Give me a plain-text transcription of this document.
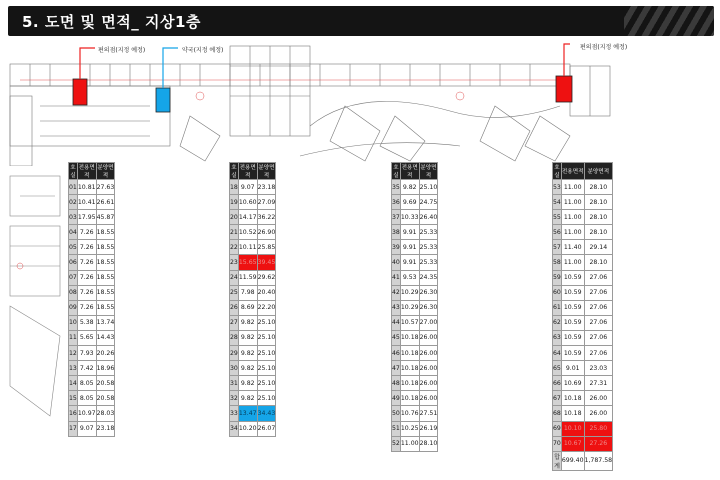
5. 도면 및 면적_ 지상1층
편의점(지정 예정)	약국(지정 예정)	편의점(지정 예정)
호실	전용면적	분양면적
01	10.81	27.63
02	10.41	26.61
03	17.95	45.87
04	7.26	18.55
05	7.26	18.55
06	7.26	18.55
07	7.26	18.55
08	7.26	18.55
09	7.26	18.55
10	5.38	13.74
11	5.65	14.43
12	7.93	20.26
13	7.42	18.96
14	8.05	20.58
15	8.05	20.58
16	10.97	28.03
17	9.07	23.18
호실	전용면적	분양면적
18	9.07	23.18
19	10.60	27.09
20	14.17	36.22
21	10.52	26.90
22	10.11	25.85
23	15.65	39.45
24	11.59	29.62
25	7.98	20.40
26	8.69	22.20
27	9.82	25.10
28	9.82	25.10
29	9.82	25.10
30	9.82	25.10
31	9.82	25.10
32	9.82	25.10
33	13.47	34.43
34	10.20	26.07
호실	전용면적	분양면적
35	9.82	25.10
36	9.69	24.75
37	10.33	26.40
38	9.91	25.33
39	9.91	25.33
40	9.91	25.33
41	9.53	24.35
42	10.29	26.30
43	10.29	26.30
44	10.57	27.00
45	10.18	26.00
46	10.18	26.00
47	10.18	26.00
48	10.18	26.00
49	10.18	26.00
50	10.76	27.51
51	10.25	26.19
52	11.00	28.10
호실	전용면적	분양면적
53	11.00	28.10
54	11.00	28.10
55	11.00	28.10
56	11.00	28.10
57	11.40	29.14
58	11.00	28.10
59	10.59	27.06
60	10.59	27.06
61	10.59	27.06
62	10.59	27.06
63	10.59	27.06
64	10.59	27.06
65	9.01	23.03
66	10.69	27.31
67	10.18	26.00
68	10.18	26.00
69	10.10	25.80
70	10.67	27.26
합계	699.40	1,787.58
